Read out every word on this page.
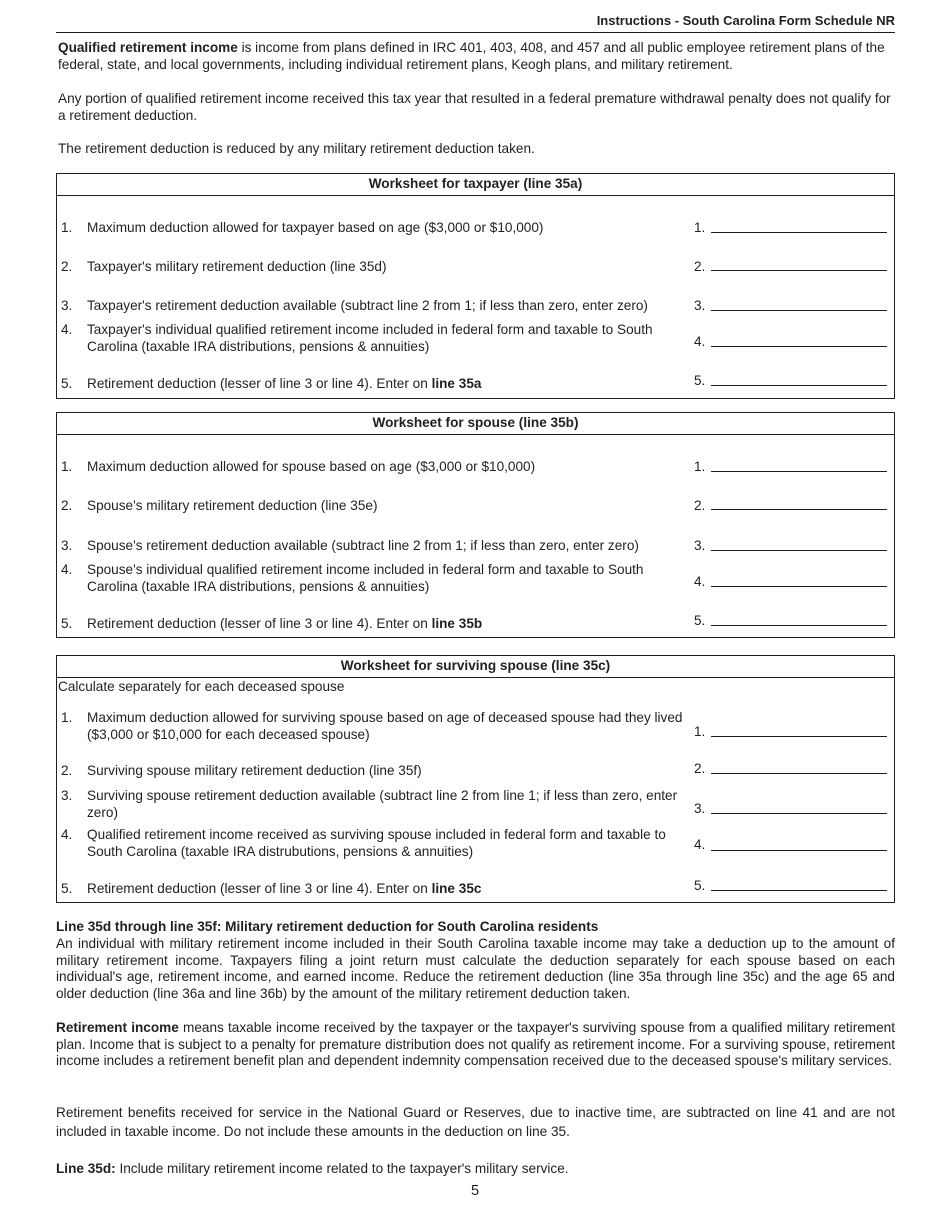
Instructions - South Carolina Form Schedule NR
Qualified retirement income is income from plans defined in IRC 401, 403, 408, and 457 and all public employee retirement plans of the federal, state, and local governments, including individual retirement plans, Keogh plans, and military retirement.
Any portion of qualified retirement income received this tax year that resulted in a federal premature withdrawal penalty does not qualify for a retirement deduction.
The retirement deduction is reduced by any military retirement deduction taken.
Worksheet for taxpayer (line 35a)
1. Maximum deduction allowed for taxpayer based on age ($3,000 or $10,000)	1.
2. Taxpayer's military retirement deduction (line 35d)	2.
3. Taxpayer's retirement deduction available (subtract line 2 from 1; if less than zero, enter zero)	3.
4. Taxpayer's individual qualified retirement income included in federal form and taxable to South Carolina (taxable IRA distributions, pensions & annuities)	4.
5. Retirement deduction (lesser of line 3 or line 4). Enter on line 35a	5.
Worksheet for spouse (line 35b)
1. Maximum deduction allowed for spouse based on age ($3,000 or $10,000)	1.
2. Spouse's military retirement deduction (line 35e)	2.
3. Spouse's retirement deduction available (subtract line 2 from 1; if less than zero, enter zero)	3.
4. Spouse's individual qualified retirement income included in federal form and taxable to South Carolina (taxable IRA distributions, pensions & annuities)	4.
5. Retirement deduction (lesser of line 3 or line 4). Enter on line 35b	5.
Worksheet for surviving spouse (line 35c)
Calculate separately for each deceased spouse
1. Maximum deduction allowed for surviving spouse based on age of deceased spouse had they lived ($3,000 or $10,000 for each deceased spouse)	1.
2. Surviving spouse military retirement deduction (line 35f)	2.
3. Surviving spouse retirement deduction available (subtract line 2 from line 1; if less than zero, enter zero)	3.
4. Qualified retirement income received as surviving spouse included in federal form and taxable to South Carolina (taxable IRA distrubutions, pensions & annuities)	4.
5. Retirement deduction (lesser of line 3 or line 4). Enter on line 35c	5.
Line 35d through line 35f: Military retirement deduction for South Carolina residents
An individual with military retirement income included in their South Carolina taxable income may take a deduction up to the amount of military retirement income. Taxpayers filing a joint return must calculate the deduction separately for each spouse based on each individual's age, retirement income, and earned income. Reduce the retirement deduction (line 35a through line 35c) and the age 65 and older deduction (line 36a and line 36b) by the amount of the military retirement deduction taken.
Retirement income means taxable income received by the taxpayer or the taxpayer's surviving spouse from a qualified military retirement plan. Income that is subject to a penalty for premature distribution does not qualify as retirement income. For a surviving spouse, retirement income includes a retirement benefit plan and dependent indemnity compensation received due to the deceased spouse's military services.
Retirement benefits received for service in the National Guard or Reserves, due to inactive time, are subtracted on line 41 and are not included in taxable income. Do not include these amounts in the deduction on line 35.
Line 35d: Include military retirement income related to the taxpayer's military service.
5
